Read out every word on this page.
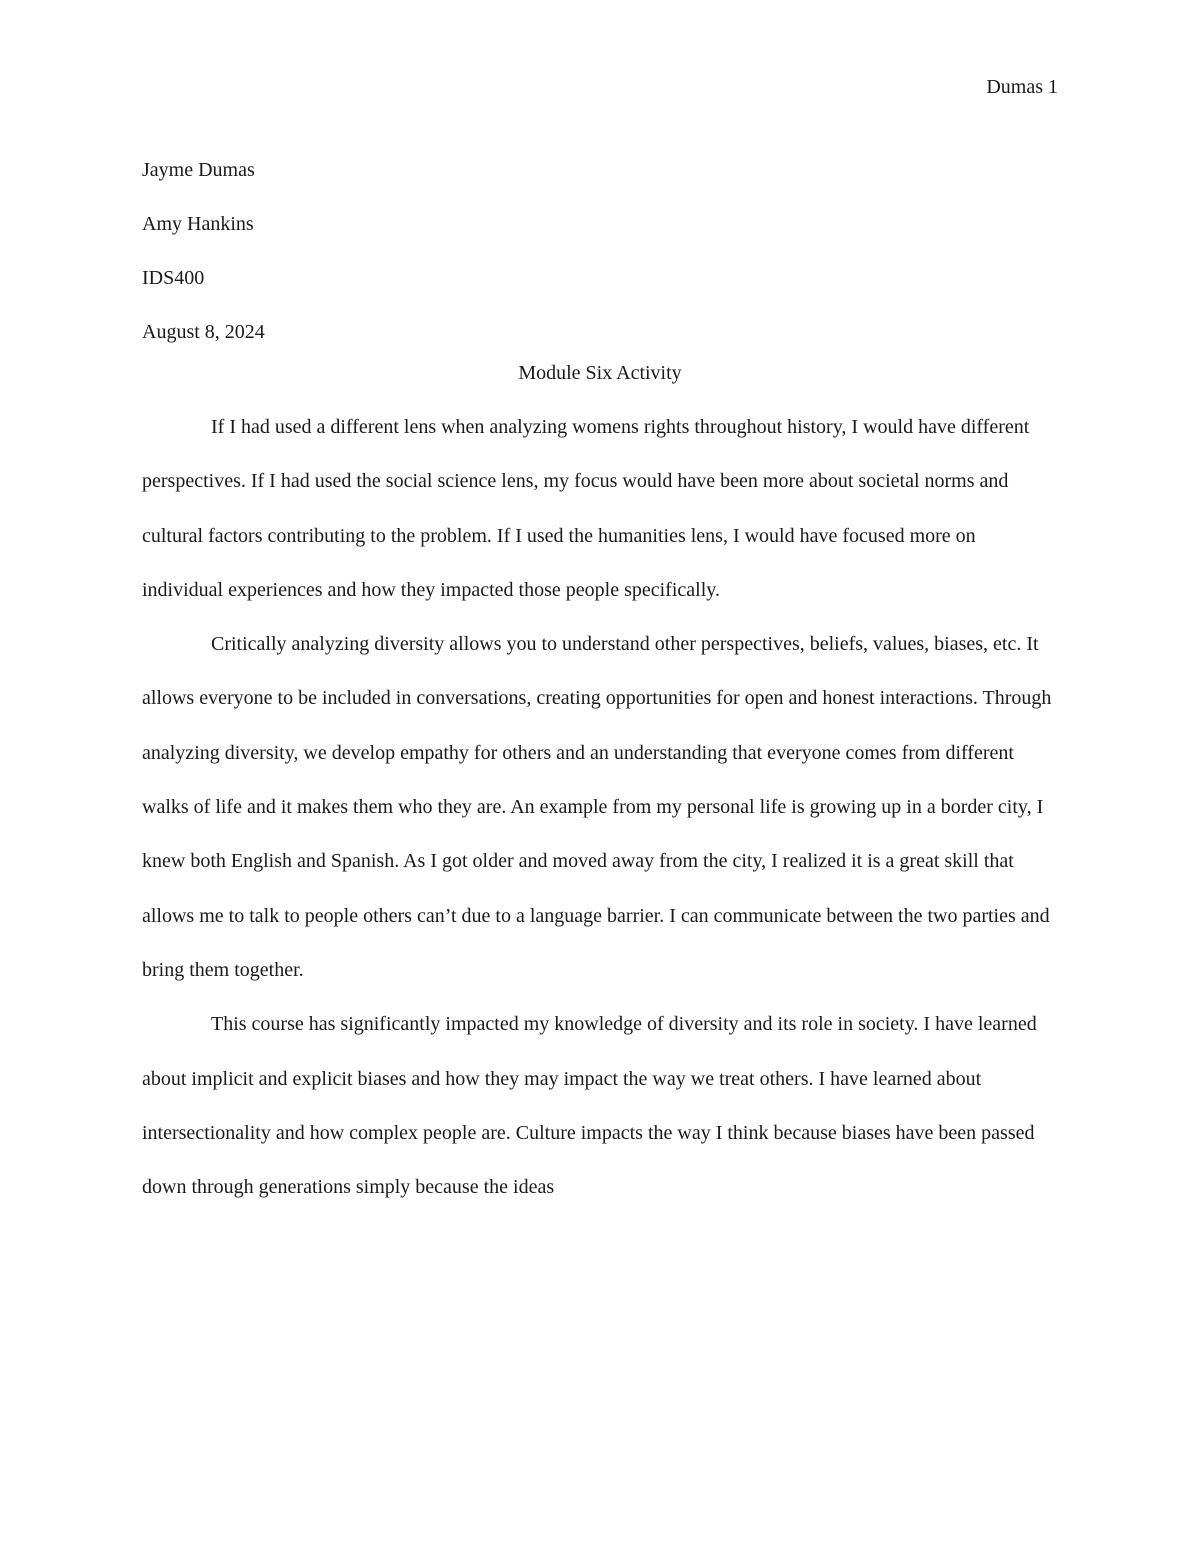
Dumas 1
Jayme Dumas
Amy Hankins
IDS400
August 8, 2024
Module Six Activity

If I had used a different lens when analyzing womens rights throughout history, I would have different perspectives. If I had used the social science lens, my focus would have been more about societal norms and cultural factors contributing to the problem. If I used the humanities lens, I would have focused more on individual experiences and how they impacted those people specifically.

Critically analyzing diversity allows you to understand other perspectives, beliefs, values, biases, etc. It allows everyone to be included in conversations, creating opportunities for open and honest interactions. Through analyzing diversity, we develop empathy for others and an understanding that everyone comes from different walks of life and it makes them who they are. An example from my personal life is growing up in a border city, I knew both English and Spanish. As I got older and moved away from the city, I realized it is a great skill that allows me to talk to people others can’t due to a language barrier. I can communicate between the two parties and bring them together.

This course has significantly impacted my knowledge of diversity and its role in society. I have learned about implicit and explicit biases and how they may impact the way we treat others. I have learned about intersectionality and how complex people are. Culture impacts the way I think because biases have been passed down through generations simply because the ideas
